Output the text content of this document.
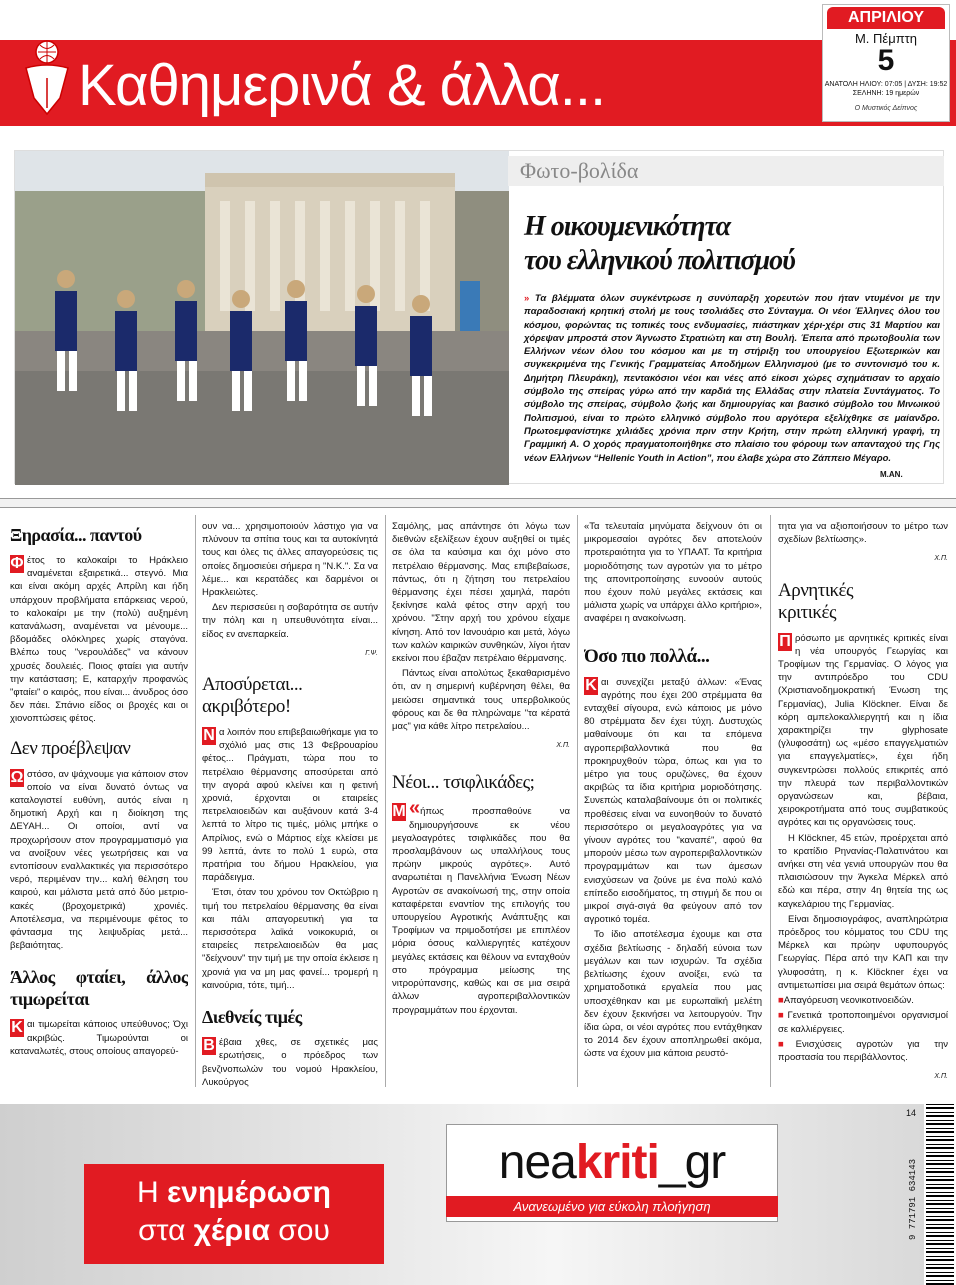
Καθημερινά & άλλα...
ΑΠΡΙΛΙΟΥ
Μ. Πέμπτη
5
ΑΝΑΤΟΛΗ ΗΛΙΟΥ: 07:05 | ΔΥΣΗ: 19:52
ΣΕΛΗΝΗ: 19 ημερών
Ο Μυστικός Δείπνος
Φωτο-βολίδα
Η οικουμενικότητα
του ελληνικού πολιτισμού
» Τα βλέμματα όλων συγκέντρωσε η συνύπαρξη χορευτών που ήταν ντυμένοι με την παραδοσιακή κρητική στολή με τους τσολιάδες στο Σύνταγμα. Οι νέοι Έλληνες όλου του κόσμου, φορώντας τις τοπικές τους ενδυμασίες, πιάστηκαν χέρι-χέρι στις 31 Μαρτίου και χόρεψαν μπροστά στον Άγνωστο Στρατιώτη και στη Βουλή. Έπειτα από πρωτοβουλία των Ελλήνων νέων όλου του κόσμου και με τη στήριξη του υπουργείου Εξωτερικών και συγκεκριμένα της Γενικής Γραμματείας Αποδήμων Ελληνισμού (με το συντονισμό του κ. Δημήτρη Πλευράκη), πεντακόσιοι νέοι και νέες από είκοσι χώρες σχημάτισαν το αρχαίο σύμβολο της σπείρας γύρω από την καρδιά της Ελλάδας στην πλατεία Συντάγματος. Το σύμβολο της σπείρας, σύμβολο ζωής και δημιουργίας και βασικό σύμβολο του Μινωικού Πολιτισμού, είναι το πρώτο ελληνικό σύμβολο που αργότερα εξελίχθηκε σε μαίανδρο. Πρωτοεμφανίστηκε χιλιάδες χρόνια πριν στην Κρήτη, στην πρώτη ελληνική γραφή, τη Γραμμική Α. Ο χορός πραγματοποιήθηκε στο πλαίσιο του φόρουμ των απανταχού της Γης νέων Ελλήνων “Hellenic Youth in Action”, που έλαβε χώρα στο Ζάππειο Μέγαρο.
Μ.ΑΝ.
Ξηρασία... παντού

Φ έτος το καλοκαίρι το Ηράκλειο αναμένεται εξαιρετικά... στεγνό. Μια και είναι ακόμη αρχές Απρίλη και ήδη υπάρχουν προβλήματα επάρκειας νερού, το καλοκαίρι με την (πολύ) αυξημένη κατανάλωση, αναμένεται να μένουμε... βδομάδες ολόκληρες χωρίς σταγόνα. Βλέπω τους "νερουλάδες" να κάνουν χρυσές δουλειές. Ποιος φταίει για αυτήν την κατάσταση; Ε, καταρχήν προφανώς "φταίει" ο καιρός, που είναι... άνυδρος όσο δεν πάει. Σπάνιο είδος οι βροχές και οι χιονοπτώσεις φέτος.

Δεν προέβλεψαν

Ω στόσο, αν ψάχνουμε για κάποιον στον οποίο να είναι δυνατό όντως να καταλογιστεί ευθύνη, αυτός είναι η δημοτική Αρχή και η διοίκηση της ΔΕΥΑΗ... Οι οποίοι, αντί να προχωρήσουν στον προγραμματισμό για να ανοίξουν νέες γεωτρήσεις και να εντοπίσουν εναλλακτικές για περισσότερο νερό, περιμέναν την... καλή θέληση του καιρού, και μάλιστα μετά από δύο μετριο-κακές (βροχομετρικά) χρονιές. Αποτέλεσμα, να περιμένουμε φέτος το φάντασμα της λειψυδρίας μετά... βεβαιότητας.

Άλλος φταίει, άλλος τιμωρείται

Κ αι τιμωρείται κάποιος υπεύθυνος; Όχι ακριβώς. Τιμωρούνται οι καταναλωτές, στους οποίους απαγορεύ-

ουν να... χρησιμοποιούν λάστιχο για να πλύνουν τα σπίτια τους και τα αυτοκίνητά τους και όλες τις άλλες απαγορεύσεις τις οποίες δημοσιεύει σήμερα η "Ν.Κ.". Σα να λέμε... και κερατάδες και δαρμένοι οι Ηρακλειώτες.

Δεν περισσεύει η σοβαρότητα σε αυτήν την πόλη και η υπευθυνότητα είναι... είδος εν ανεπαρκεία.

Γ.Ψ.
Αποσύρεται... ακριβότερο!

Ν α λοιπόν που επιβεβαιωθήκαμε για το σχόλιό μας στις 13 Φεβρουαρίου φέτος... Πράγματι, τώρα που το πετρέλαιο θέρμανσης αποσύρεται από την αγορά αφού κλείνει και η φετινή χρονιά, έρχονται οι εταιρείες πετρελαιοειδών και αυξάνουν κατά 3-4 λεπτά το λίτρο τις τιμές, μόλις μπήκε ο Απρίλιος, ενώ ο Μάρτιος είχε κλείσει με 99 λεπτά, άντε το πολύ 1 ευρώ, στα πρατήρια του δήμου Ηρακλείου, για παράδειγμα.

Έτσι, όταν του χρόνου τον Οκτώβριο η τιμή του πετρελαίου θέρμανσης θα είναι και πάλι απαγορευτική για τα περισσότερα λαϊκά νοικοκυριά, οι εταιρείες πετρελαιοειδών θα μας "δείχνουν" την τιμή με την οποία έκλεισε η χρονιά για να μη μας φανεί... τρομερή η καινούρια, τότε, τιμή...

Διεθνείς τιμές

Β έβαια χθες, σε σχετικές μας ερωτήσεις, ο πρόεδρος των βενζινοπωλών του νομού Ηρακλείου, Λυκούργος

Σαμόλης, μας απάντησε ότι λόγω των διεθνών εξελίξεων έχουν αυξηθεί οι τιμές σε όλα τα καύσιμα και όχι μόνο στο πετρέλαιο θέρμανσης. Μας επιβεβαίωσε, πάντως, ότι η ζήτηση του πετρελαίου θέρμανσης έχει πέσει χαμηλά, παρότι ξεκίνησε καλά φέτος στην αρχή του χρόνου. "Στην αρχή του χρόνου είχαμε κίνηση. Από τον Ιανουάριο και μετά, λόγω των καλών καιρικών συνθηκών, λίγοι ήταν εκείνοι που έβαζαν πετρέλαιο θέρμανσης.

Πάντως είναι απολύτως ξεκαθαρισμένο ότι, αν η σημερινή κυβέρνηση θέλει, θα μειώσει σημαντικά τους υπερβολικούς φόρους και δε θα πληρώναμε "τα κέρατά μας" για κάθε λίτρο πετρελαίου...

Χ.Π.
Νέοι... τσιφλικάδες;

«
Μ ήπως προσπαθούνε να δημιουργήσουνε εκ νέου μεγαλοαγρότες τσιφλικάδες που θα προσλαμβάνουν ως υπαλλήλους τους πρώην μικρούς αγρότες». Αυτό αναρωτιέται η Πανελλήνια Ένωση Νέων Αγροτών σε ανακοίνωσή της, στην οποία καταφέρεται εναντίον της επιλογής του υπουργείου Αγροτικής Ανάπτυξης και Τροφίμων να πριμοδοτήσει με επιπλέον μόρια όσους καλλιεργητές κατέχουν μεγάλες εκτάσεις και θέλουν να ενταχθούν στο πρόγραμμα μείωσης της νιτρορύπανσης, καθώς και σε μια σειρά άλλων αγροπεριβαλλοντικών προγραμμάτων που έρχονται.

«Τα τελευταία μηνύματα δείχνουν ότι οι μικρομεσαίοι αγρότες δεν αποτελούν προτεραιότητα για το ΥΠΑΑΤ. Τα κριτήρια μοριοδότησης των αγροτών για το μέτρο της απονιτροποίησης ευνοούν αυτούς που έχουν πολύ μεγάλες εκτάσεις και μάλιστα χωρίς να υπάρχει άλλο κριτήριο», αναφέρει η ανακοίνωση.

Όσο πιο πολλά...

Κ αι συνεχίζει μεταξύ άλλων: «Ένας αγρότης που έχει 200 στρέμματα θα ενταχθεί σίγουρα, ενώ κάποιος με μόνο 80 στρέμματα δεν έχει τύχη. Δυστυχώς μαθαίνουμε ότι και τα επόμενα αγροπεριβαλλοντικά που θα προκηρυχθούν τώρα, όπως και για το μέτρο για τους ορυζώνες, θα έχουν ακριβώς τα ίδια κριτήρια μοριοδότησης. Συνεπώς καταλαβαίνουμε ότι οι πολιτικές προθέσεις είναι να ευνοηθούν το δυνατό περισσότερο οι μεγαλοαγρότες για να γίνουν αγρότες του "καναπέ", αφού θα μπορούν μέσω των αγροπεριβαλλοντικών προγραμμάτων και των άμεσων ενισχύσεων να ζούνε με ένα πολύ καλό επίπεδο εισοδήματος, τη στιγμή δε που οι μικροί σιγά-σιγά θα φεύγουν από τον αγροτικό τομέα.

Το ίδιο αποτέλεσμα έχουμε και στα σχέδια βελτίωσης - δηλαδή εύνοια των μεγάλων και των ισχυρών. Τα σχέδια βελτίωσης έχουν ανοίξει, ενώ τα χρηματοδοτικά εργαλεία που μας υποσχέθηκαν και με ευρωπαϊκή μελέτη δεν έχουν ξεκινήσει να λειτουργούν. Την ίδια ώρα, οι νέοι αγρότες που εντάχθηκαν το 2014 δεν έχουν αποπληρωθεί ακόμα, ώστε να έχουν μια κάποια ρευστό-

τητα για να αξιοποιήσουν το μέτρο των σχεδίων βελτίωσης».

Χ.Π.
Αρνητικές κριτικές

Π ρόσωπο με αρνητικές κριτικές είναι η νέα υπουργός Γεωργίας και Τροφίμων της Γερμανίας. Ο λόγος για την αντιπρόεδρο του CDU (Χριστιανοδημοκρατική Ένωση της Γερμανίας), Julia Klöckner. Είναι δε κόρη αμπελοκαλλιεργητή και η ίδια χαρακτηρίζει την glyphosate (γλυφοσάτη) ως «μέσο επαγγελματιών για επαγγελματίες», έχει ήδη συγκεντρώσει πολλούς επικριτές από την πλευρά των περιβαλλοντικών οργανώσεων και, βέβαια, χειροκροτήματα από τους συμβατικούς αγρότες και τις οργανώσεις τους.

Η Klöckner, 45 ετών, προέρχεται από το κρατίδιο Ρηνανίας-Παλατινάτου και ανήκει στη νέα γενιά υπουργών που θα πλαισιώσουν την Άγκελα Μέρκελ από εδώ και πέρα, στην 4η θητεία της ως καγκελάριου της Γερμανίας.

Είναι δημοσιογράφος, αναπληρώτρια πρόεδρος του κόμματος του CDU της Μέρκελ και πρώην υφυπουργός Γεωργίας. Πέρα από την ΚΑΠ και την γλυφοσάτη, η κ. Klöckner έχει να αντιμετωπίσει μια σειρά θεμάτων όπως:

■Απαγόρευση νεονικοτινοειδών.

■Γενετικά τροποποιημένοι οργανισμοί σε καλλιέργειες.

■Ενισχύσεις αγροτών για την προστασία του περιβάλλοντος.

Χ.Π.
Η ενημέρωση
στα χέρια σου
neakriti_gr
Ανανεωμένο για εύκολη πλοήγηση
14
9 771791 634143
